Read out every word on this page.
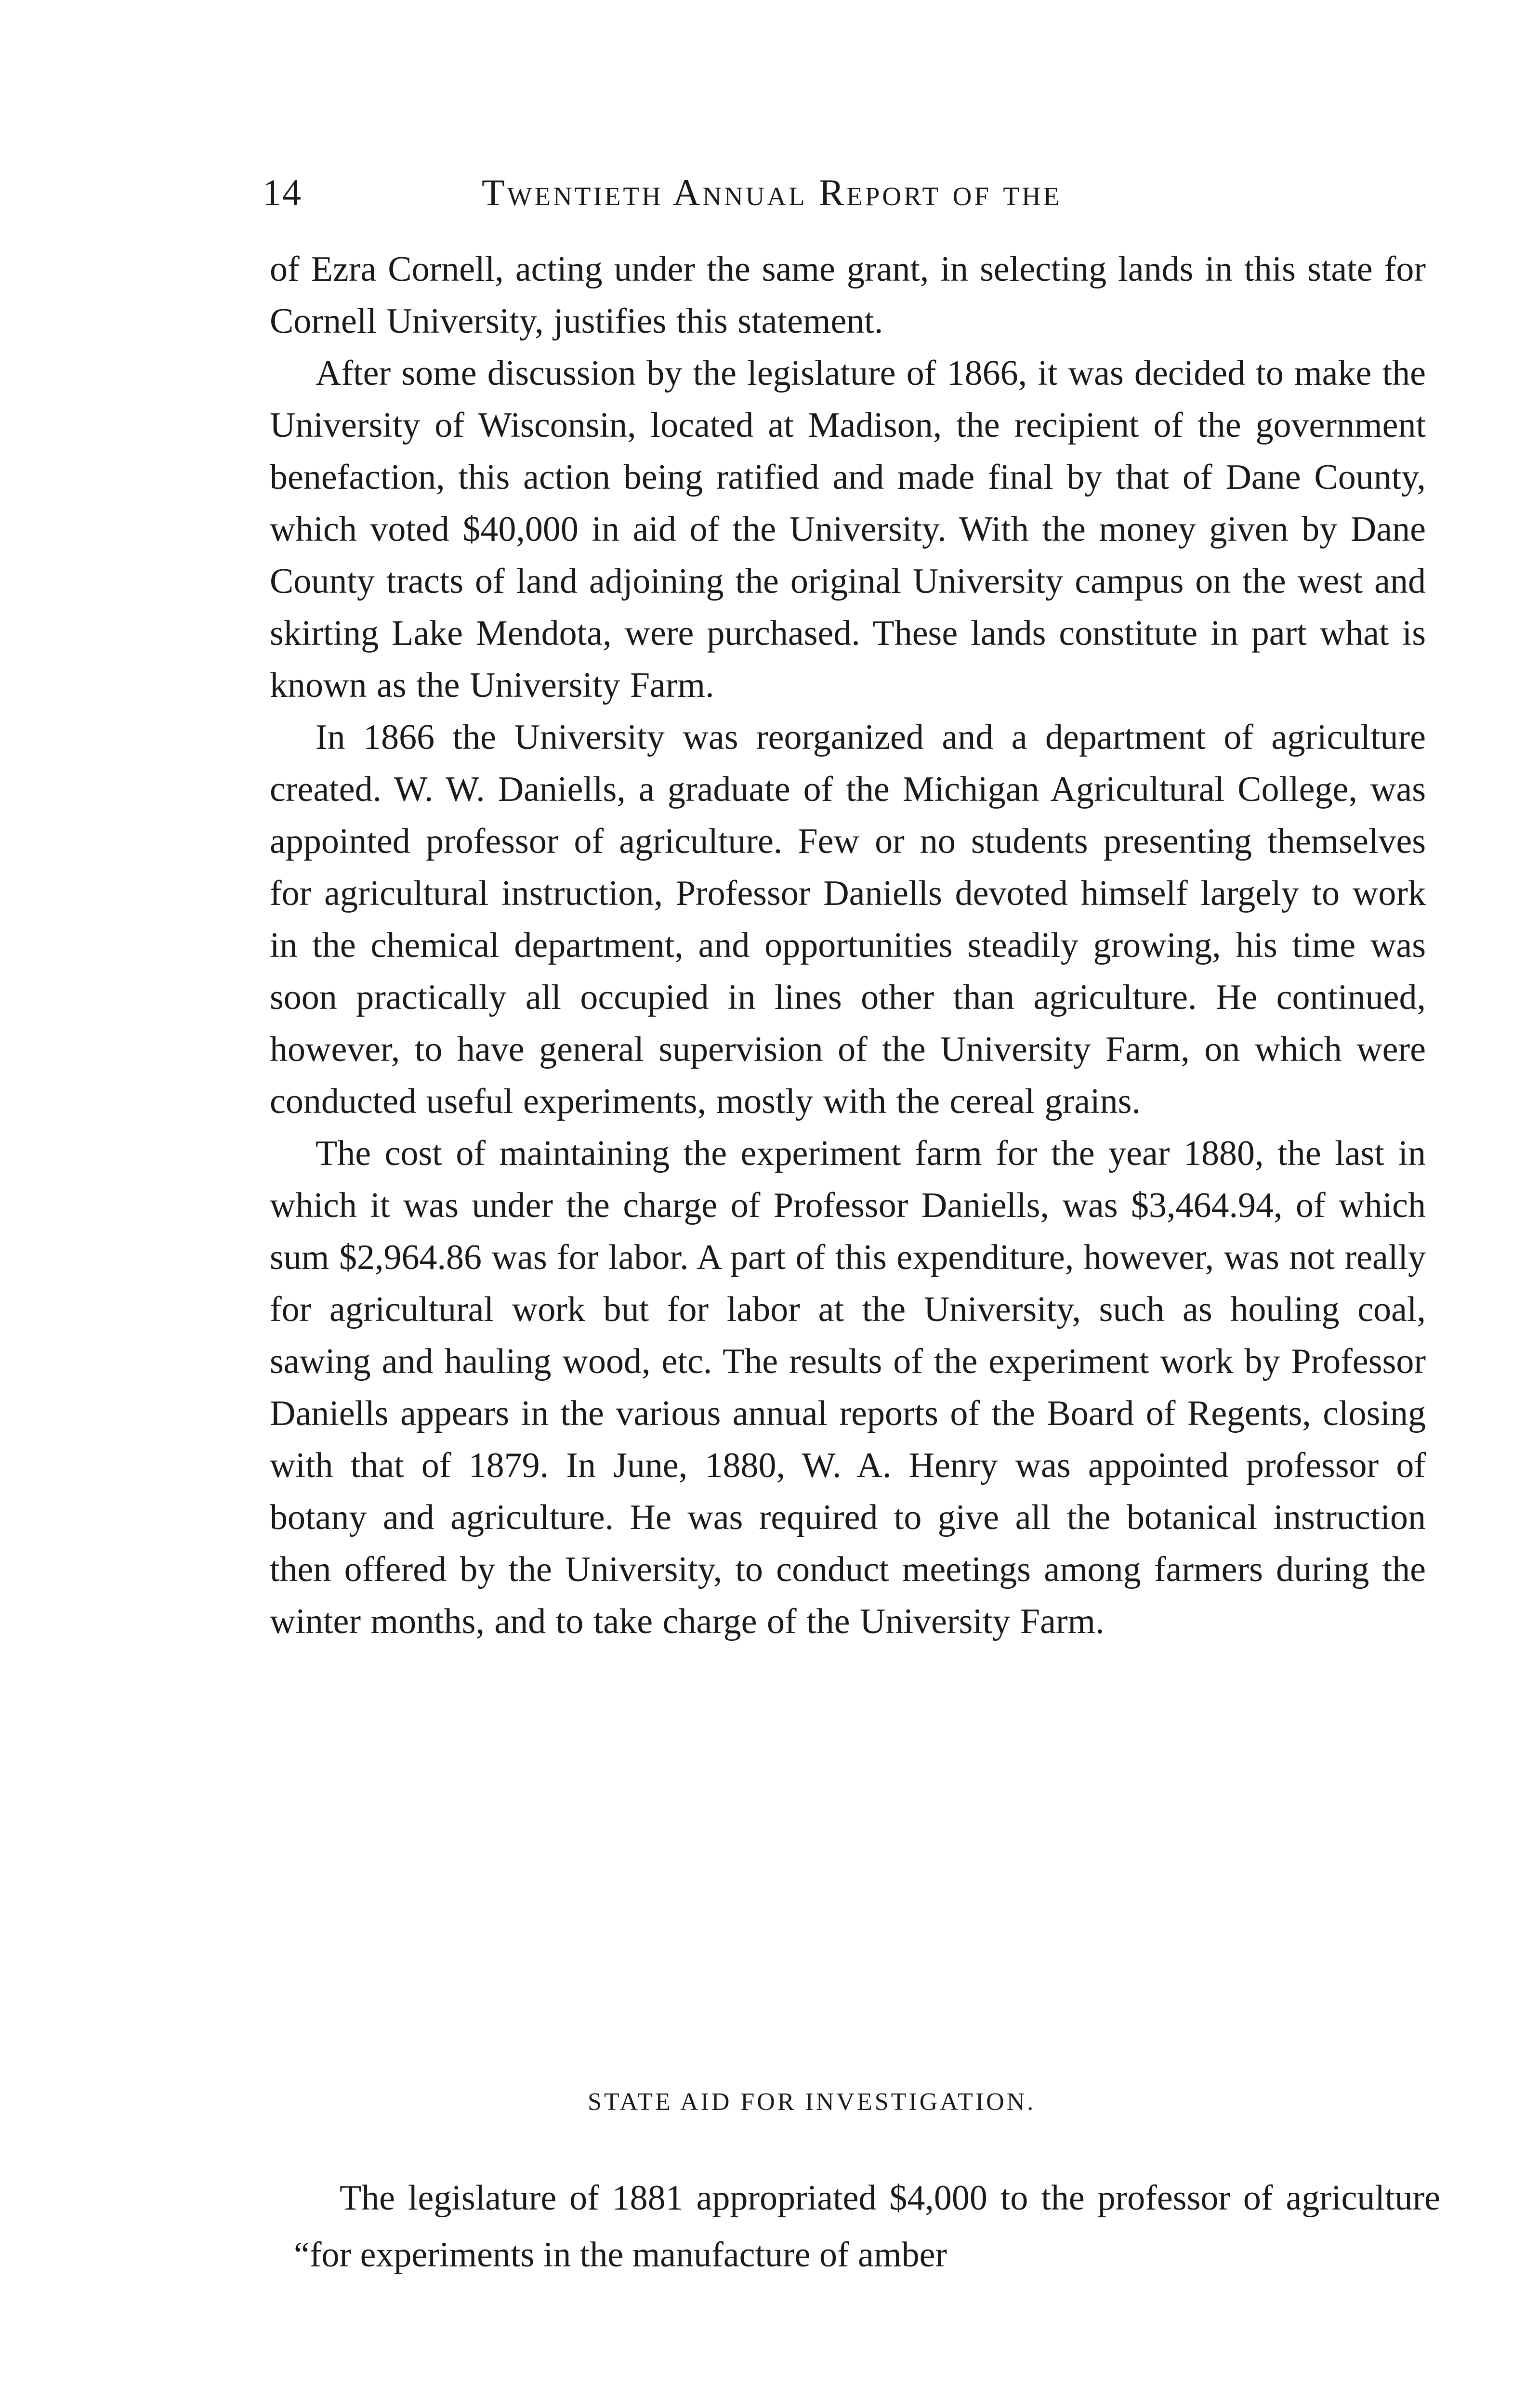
14	Twentieth Annual Report of the

of Ezra Cornell, acting under the same grant, in selecting lands in this state for Cornell University, justifies this statement.

After some discussion by the legislature of 1866, it was decided to make the University of Wisconsin, located at Madison, the recipient of the government benefaction, this action being ratified and made final by that of Dane County, which voted $40,000 in aid of the University. With the money given by Dane County tracts of land adjoining the original University campus on the west and skirting Lake Mendota, were purchased. These lands constitute in part what is known as the University Farm.

In 1866 the University was reorganized and a department of agriculture created. W. W. Daniells, a graduate of the Michigan Agricultural College, was appointed professor of agriculture. Few or no students presenting themselves for agricultural instruction, Professor Daniells devoted himself largely to work in the chemical department, and opportunities steadily growing, his time was soon practically all occupied in lines other than agriculture. He continued, however, to have general supervision of the University Farm, on which were conducted useful experiments, mostly with the cereal grains.

The cost of maintaining the experiment farm for the year 1880, the last in which it was under the charge of Professor Daniells, was $3,464.94, of which sum $2,964.86 was for labor. A part of this expenditure, however, was not really for agricultural work but for labor at the University, such as houling coal, sawing and hauling wood, etc. The results of the experiment work by Professor Daniells appears in the various annual reports of the Board of Regents, closing with that of 1879. In June, 1880, W. A. Henry was appointed professor of botany and agriculture. He was required to give all the botanical instruction then offered by the University, to conduct meetings among farmers during the winter months, and to take charge of the University Farm.

STATE AID FOR INVESTIGATION.

The legislature of 1881 appropriated $4,000 to the professor of agriculture “for experiments in the manufacture of amber
